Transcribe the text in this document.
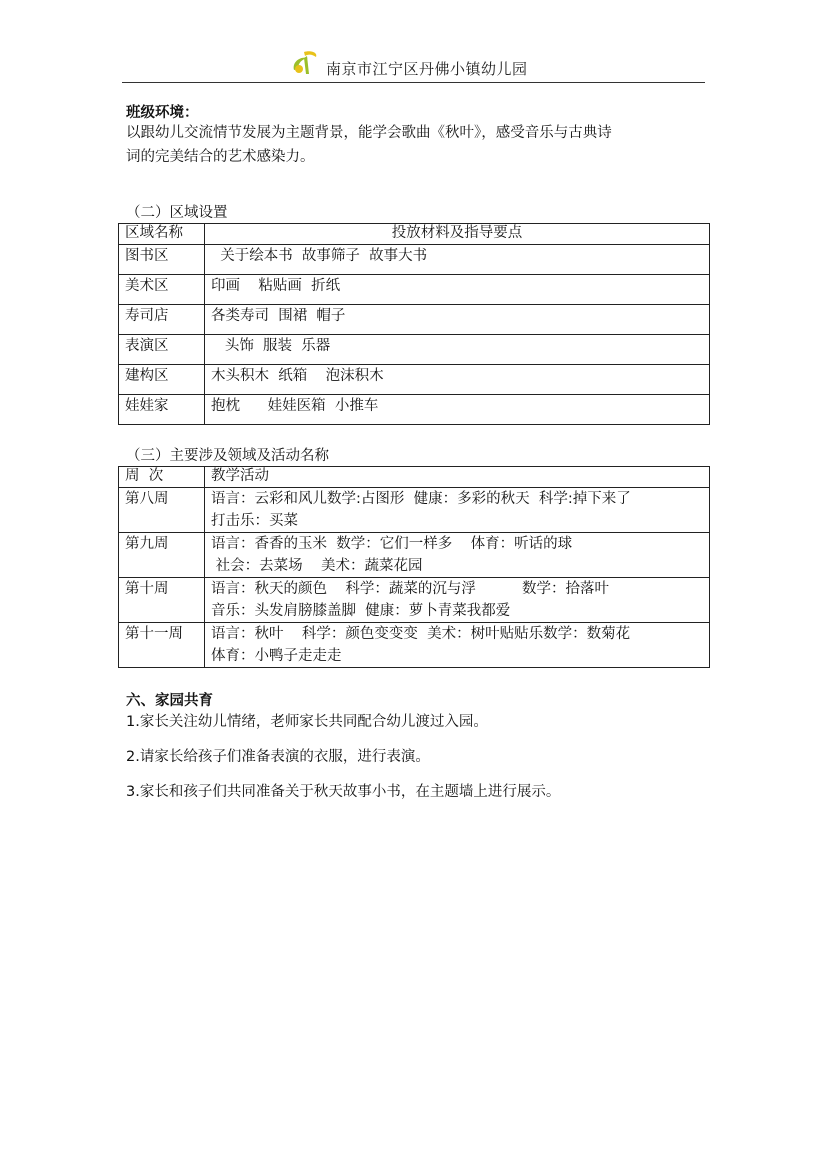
南京市江宁区丹佛小镇幼儿园
班级环境：
以跟幼儿交流情节发展为主题背景，能学会歌曲《秋叶》，感受音乐与古典诗
词的完美结合的艺术感染力。
（二）区域设置
区域名称	投放材料及指导要点
图书区	关于绘本书  故事筛子  故事大书
美术区	印画    粘贴画  折纸
寿司店	各类寿司  围裙  帽子
表演区	头饰  服装  乐器
建构区	木头积木  纸箱    泡沫积木
娃娃家	抱枕      娃娃医箱  小推车
（三）主要涉及领域及活动名称
周  次	教学活动
第八周	语言：云彩和风儿数学:占图形  健康：多彩的秋天  科学:掉下来了
打击乐：买菜

第九周	语言：香香的玉米  数学：它们一样多    体育：听话的球
社会：去菜场    美术：蔬菜花园

第十周	语言：秋天的颜色    科学：蔬菜的沉与浮          数学：拾落叶
音乐：头发肩膀膝盖脚  健康：萝卜青菜我都爱

第十一周	语言：秋叶    科学：颜色变变变  美术：树叶贴贴乐数学：数菊花
体育：小鸭子走走走
六、家园共育
1.家长关注幼儿情绪，老师家长共同配合幼儿渡过入园。
2.请家长给孩子们准备表演的衣服，进行表演。
3.家长和孩子们共同准备关于秋天故事小书，在主题墙上进行展示。
